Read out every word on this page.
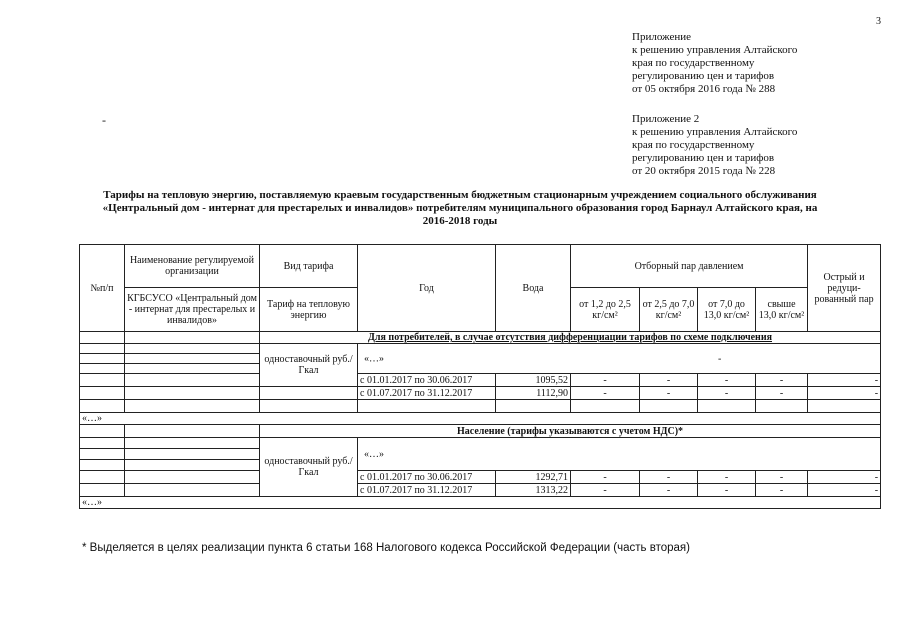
3
Приложение
к решению управления Алтайского
края по государственному
регулированию цен и тарифов
от 05 октября 2016 года № 288
-	Приложение 2
к решению управления Алтайского
края по государственному
регулированию цен и тарифов
от 20 октября 2015 года № 228
Тарифы на тепловую энергию, поставляемую краевым государственным бюджетным стационарным учреждением социального обслуживания
«Центральный дом - интернат для престарелых и инвалидов» потребителям муниципального образования город Барнаул Алтайского края, на
2016-2018 годы
№п/п	Наименование регулируемой организации	Вид тарифа	Год	Вода	Отборный пар давлением				Острый и редуци-рованный пар
	КГБСУСО «Центральный дом - интернат для престарелых и инвалидов»	Тариф на тепловую энергию			от 1,2 до 2,5 кг/см²	от 2,5 до 7,0 кг/см²	от 7,0 до 13,0 кг/см²	свыше 13,0 кг/см²	
		Для потребителей, в случае отсутствия дифференциации тарифов по схеме подключения							
		одноставочный руб./Гкал	«…» -						

			с 01.01.2017 по 30.06.2017	1095,52	-	-	-	-	-
			с 01.07.2017 по 31.12.2017	1112,90	-	-	-	-	-

«…»									
		Население (тарифы указываются с учетом НДС)*							
		одноставочный руб./Гкал	«…»						

			с 01.01.2017 по 30.06.2017	1292,71	-	-	-	-	-
			с 01.07.2017 по 31.12.2017	1313,22	-	-	-	-	-
«…»									
* Выделяется в целях реализации пункта 6 статьи 168 Налогового кодекса Российской Федерации (часть вторая)
